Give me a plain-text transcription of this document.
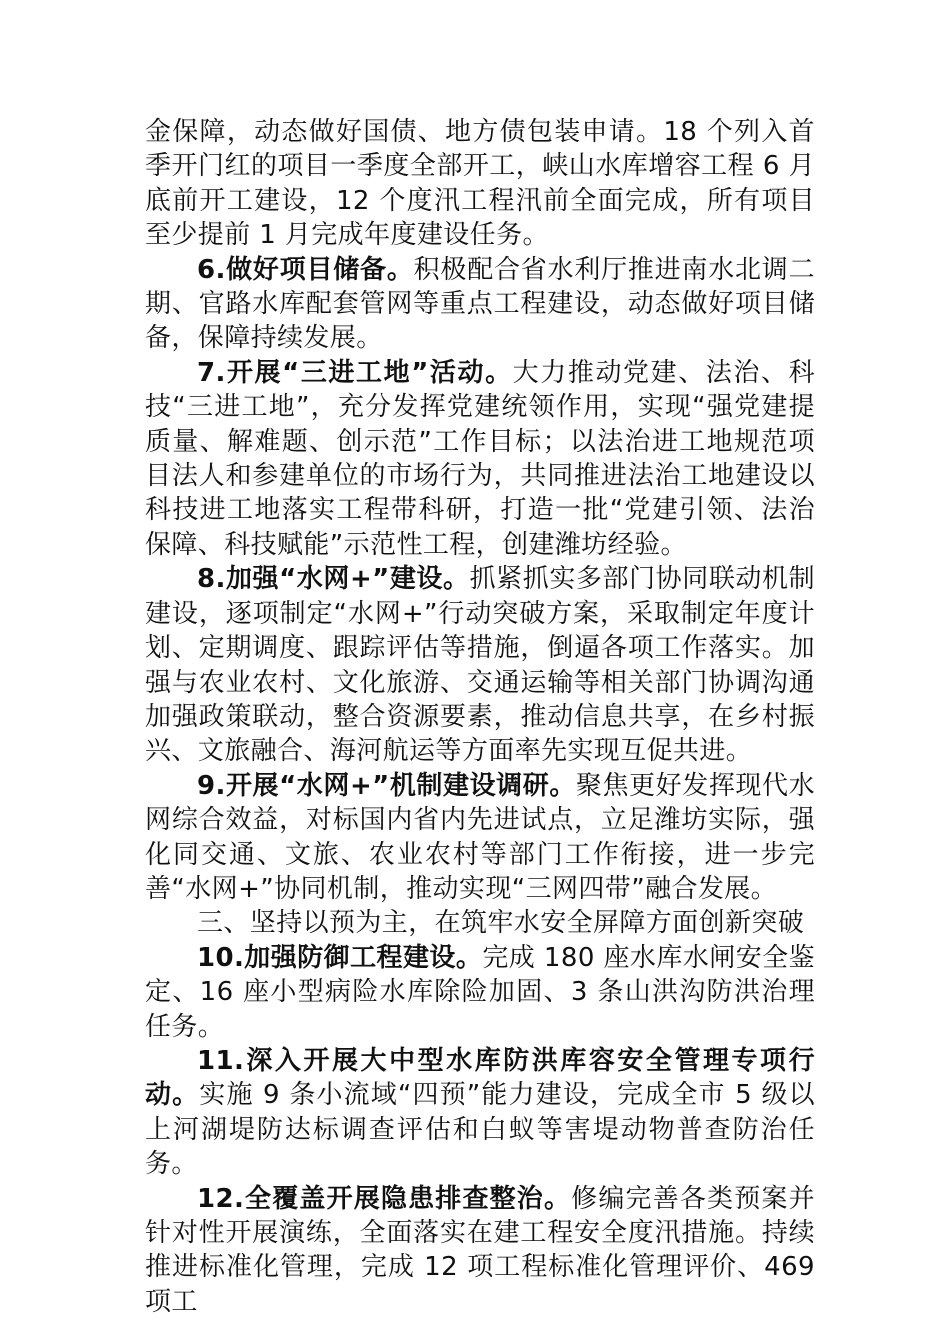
金保障，动态做好国债、地方债包装申请。18 个列入首季开门红的项目一季度全部开工，峡山水库增容工程 6 月底前开工建设，12 个度汛工程汛前全面完成，所有项目至少提前 1 月完成年度建设任务。

6.做好项目储备。积极配合省水利厅推进南水北调二期、官路水库配套管网等重点工程建设，动态做好项目储备，保障持续发展。

7.开展“三进工地”活动。大力推动党建、法治、科技“三进工地”，充分发挥党建统领作用，实现“强党建提质量、解难题、创示范”工作目标；以法治进工地规范项目法人和参建单位的市场行为，共同推进法治工地建设以科技进工地落实工程带科研，打造一批“党建引领、法治保障、科技赋能”示范性工程，创建潍坊经验。

8.加强“水网+”建设。抓紧抓实多部门协同联动机制建设，逐项制定“水网+”行动突破方案，采取制定年度计划、定期调度、跟踪评估等措施，倒逼各项工作落实。加强与农业农村、文化旅游、交通运输等相关部门协调沟通加强政策联动，整合资源要素，推动信息共享，在乡村振兴、文旅融合、海河航运等方面率先实现互促共进。

9.开展“水网+”机制建设调研。聚焦更好发挥现代水网综合效益，对标国内省内先进试点，立足潍坊实际，强化同交通、文旅、农业农村等部门工作衔接，进一步完善“水网+”协同机制，推动实现“三网四带”融合发展。

三、坚持以预为主，在筑牢水安全屏障方面创新突破

10.加强防御工程建设。完成 180 座水库水闸安全鉴定、16 座小型病险水库除险加固、3 条山洪沟防洪治理任务。

11.深入开展大中型水库防洪库容安全管理专项行动。实施 9 条小流域“四预”能力建设，完成全市 5 级以上河湖堤防达标调查评估和白蚁等害堤动物普查防治任务。

12.全覆盖开展隐患排查整治。修编完善各类预案并针对性开展演练，全面落实在建工程安全度汛措施。持续推进标准化管理，完成 12 项工程标准化管理评价、469 项工
